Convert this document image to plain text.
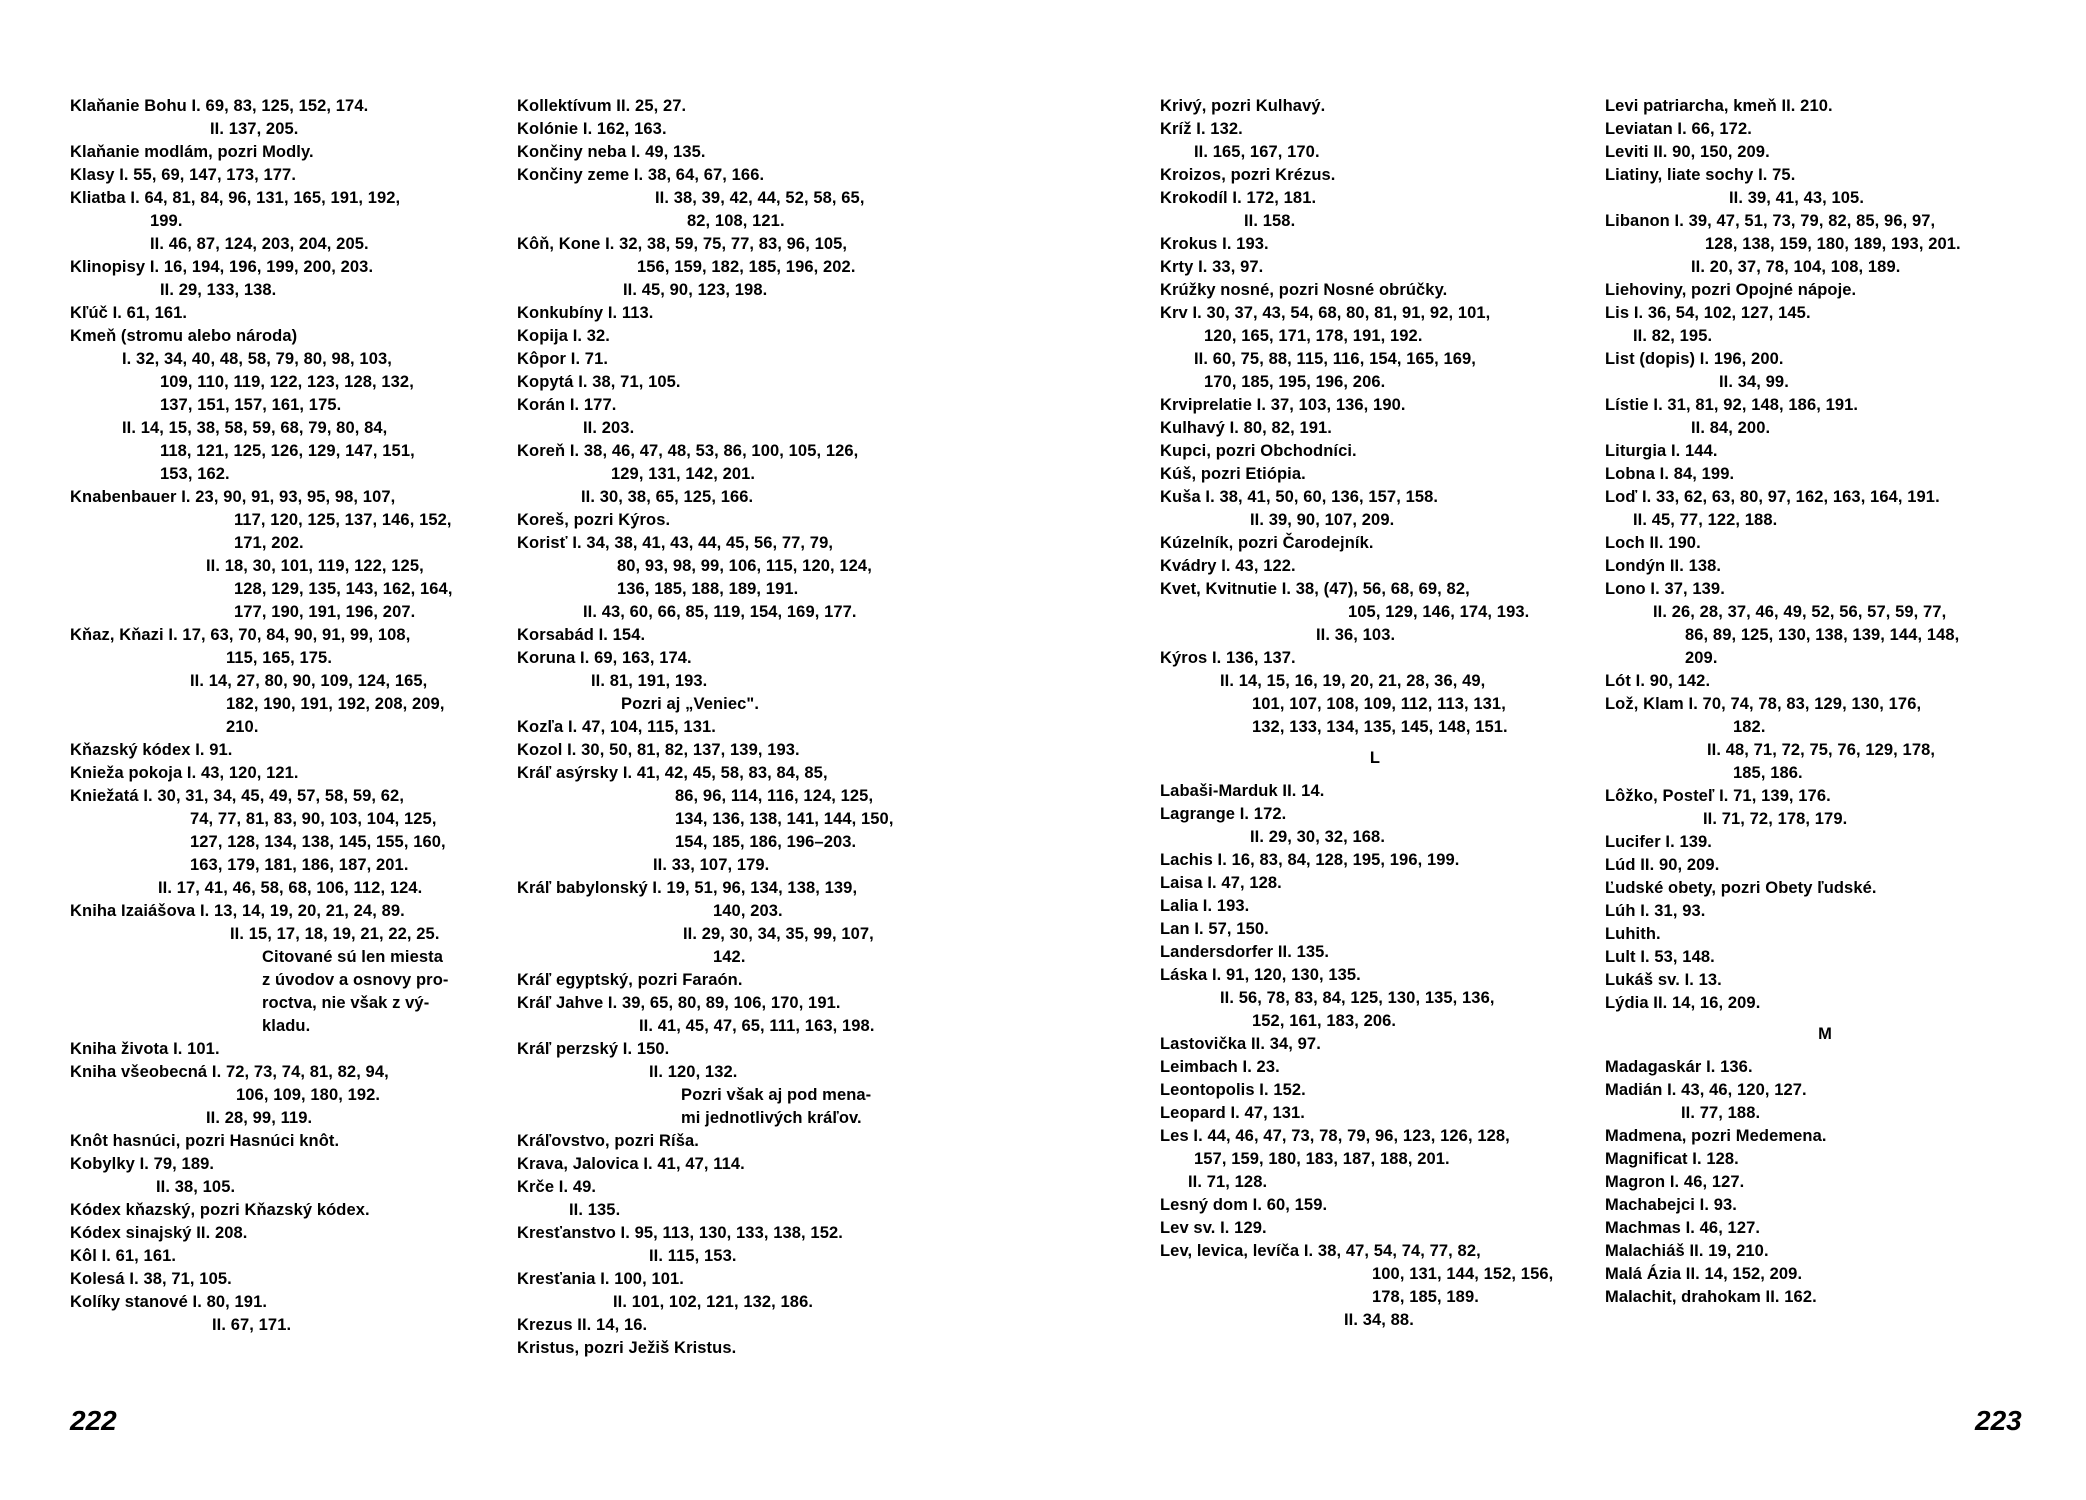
Klaňanie Bohu I. 69, 83, 125, 152, 174.
II. 137, 205.
Klaňanie modlám, pozri Modly.
Klasy I. 55, 69, 147, 173, 177.
Kliatba I. 64, 81, 84, 96, 131, 165, 191, 192,
199.
II. 46, 87, 124, 203, 204, 205.
Klinopisy I. 16, 194, 196, 199, 200, 203.
II. 29, 133, 138.
Kľúč I. 61, 161.
Kmeň (stromu alebo národa)
I. 32, 34, 40, 48, 58, 79, 80, 98, 103,
109, 110, 119, 122, 123, 128, 132,
137, 151, 157, 161, 175.
II. 14, 15, 38, 58, 59, 68, 79, 80, 84,
118, 121, 125, 126, 129, 147, 151,
153, 162.
Knabenbauer I. 23, 90, 91, 93, 95, 98, 107,
117, 120, 125, 137, 146, 152,
171, 202.
II. 18, 30, 101, 119, 122, 125,
128, 129, 135, 143, 162, 164,
177, 190, 191, 196, 207.
Kňaz, Kňazi I. 17, 63, 70, 84, 90, 91, 99, 108,
115, 165, 175.
II. 14, 27, 80, 90, 109, 124, 165,
182, 190, 191, 192, 208, 209,
210.
Kňazský kódex I. 91.
Knieža pokoja I. 43, 120, 121.
Kniežatá I. 30, 31, 34, 45, 49, 57, 58, 59, 62,
74, 77, 81, 83, 90, 103, 104, 125,
127, 128, 134, 138, 145, 155, 160,
163, 179, 181, 186, 187, 201.
II. 17, 41, 46, 58, 68, 106, 112, 124.
Kniha Izaiášova I. 13, 14, 19, 20, 21, 24, 89.
II. 15, 17, 18, 19, 21, 22, 25.
Citované sú len miesta
z úvodov a osnovy pro-
roctva, nie však z vý-
kladu.
Kniha života I. 101.
Kniha všeobecná I. 72, 73, 74, 81, 82, 94,
106, 109, 180, 192.
II. 28, 99, 119.
Knôt hasnúci, pozri Hasnúci knôt.
Kobylky I. 79, 189.
II. 38, 105.
Kódex kňazský, pozri Kňazský kódex.
Kódex sinajský II. 208.
Kôl I. 61, 161.
Kolesá I. 38, 71, 105.
Kolíky stanové I. 80, 191.
II. 67, 171.
Kollektívum II. 25, 27.
Kolónie I. 162, 163.
Končiny neba I. 49, 135.
Končiny zeme I. 38, 64, 67, 166.
II. 38, 39, 42, 44, 52, 58, 65,
82, 108, 121.
Kôň, Kone I. 32, 38, 59, 75, 77, 83, 96, 105,
156, 159, 182, 185, 196, 202.
II. 45, 90, 123, 198.
Konkubíny I. 113.
Kopija I. 32.
Kôpor I. 71.
Kopytá I. 38, 71, 105.
Korán I. 177.
II. 203.
Koreň I. 38, 46, 47, 48, 53, 86, 100, 105, 126,
129, 131, 142, 201.
II. 30, 38, 65, 125, 166.
Koreš, pozri Kýros.
Korisť I. 34, 38, 41, 43, 44, 45, 56, 77, 79,
80, 93, 98, 99, 106, 115, 120, 124,
136, 185, 188, 189, 191.
II. 43, 60, 66, 85, 119, 154, 169, 177.
Korsabád I. 154.
Koruna I. 69, 163, 174.
II. 81, 191, 193.
Pozri aj „Veniec".
Kozľa I. 47, 104, 115, 131.
Kozol I. 30, 50, 81, 82, 137, 139, 193.
Kráľ asýrsky I. 41, 42, 45, 58, 83, 84, 85,
86, 96, 114, 116, 124, 125,
134, 136, 138, 141, 144, 150,
154, 185, 186, 196–203.
II. 33, 107, 179.
Kráľ babylonský I. 19, 51, 96, 134, 138, 139,
140, 203.
II. 29, 30, 34, 35, 99, 107,
142.
Kráľ egyptský, pozri Faraón.
Kráľ Jahve I. 39, 65, 80, 89, 106, 170, 191.
II. 41, 45, 47, 65, 111, 163, 198.
Kráľ perzský I. 150.
II. 120, 132.
Pozri však aj pod mena-
mi jednotlivých kráľov.
Kráľovstvo, pozri Ríša.
Krava, Jalovica I. 41, 47, 114.
Krče I. 49.
II. 135.
Kresťanstvo I. 95, 113, 130, 133, 138, 152.
II. 115, 153.
Kresťania I. 100, 101.
II. 101, 102, 121, 132, 186.
Krezus II. 14, 16.
Kristus, pozri Ježiš Kristus.
222
Krivý, pozri Kulhavý.
Kríž I. 132.
II. 165, 167, 170.
Kroizos, pozri Krézus.
Krokodíl I. 172, 181.
II. 158.
Krokus I. 193.
Krty I. 33, 97.
Krúžky nosné, pozri Nosné obrúčky.
Krv I. 30, 37, 43, 54, 68, 80, 81, 91, 92, 101,
120, 165, 171, 178, 191, 192.
II. 60, 75, 88, 115, 116, 154, 165, 169,
170, 185, 195, 196, 206.
Krviprelatie I. 37, 103, 136, 190.
Kulhavý I. 80, 82, 191.
Kupci, pozri Obchodníci.
Kúš, pozri Etiópia.
Kuša I. 38, 41, 50, 60, 136, 157, 158.
II. 39, 90, 107, 209.
Kúzelník, pozri Čarodejník.
Kvádry I. 43, 122.
Kvet, Kvitnutie I. 38, (47), 56, 68, 69, 82,
105, 129, 146, 174, 193.
II. 36, 103.
Kýros I. 136, 137.
II. 14, 15, 16, 19, 20, 21, 28, 36, 49,
101, 107, 108, 109, 112, 113, 131,
132, 133, 134, 135, 145, 148, 151.
L
Labaši-Marduk II. 14.
Lagrange I. 172.
II. 29, 30, 32, 168.
Lachis I. 16, 83, 84, 128, 195, 196, 199.
Laisa I. 47, 128.
Lalia I. 193.
Lan I. 57, 150.
Landersdorfer II. 135.
Láska I. 91, 120, 130, 135.
II. 56, 78, 83, 84, 125, 130, 135, 136,
152, 161, 183, 206.
Lastovička II. 34, 97.
Leimbach I. 23.
Leontopolis I. 152.
Leopard I. 47, 131.
Les I. 44, 46, 47, 73, 78, 79, 96, 123, 126, 128,
157, 159, 180, 183, 187, 188, 201.
II. 71, 128.
Lesný dom I. 60, 159.
Lev sv. I. 129.
Lev, levica, levíča I. 38, 47, 54, 74, 77, 82,
100, 131, 144, 152, 156,
178, 185, 189.
II. 34, 88.
Levi patriarcha, kmeň II. 210.
Leviatan I. 66, 172.
Leviti II. 90, 150, 209.
Liatiny, liate sochy I. 75.
II. 39, 41, 43, 105.
Libanon I. 39, 47, 51, 73, 79, 82, 85, 96, 97,
128, 138, 159, 180, 189, 193, 201.
II. 20, 37, 78, 104, 108, 189.
Liehoviny, pozri Opojné nápoje.
Lis I. 36, 54, 102, 127, 145.
II. 82, 195.
List (dopis) I. 196, 200.
II. 34, 99.
Lístie I. 31, 81, 92, 148, 186, 191.
II. 84, 200.
Liturgia I. 144.
Lobna I. 84, 199.
Loď I. 33, 62, 63, 80, 97, 162, 163, 164, 191.
II. 45, 77, 122, 188.
Loch II. 190.
Londýn II. 138.
Lono I. 37, 139.
II. 26, 28, 37, 46, 49, 52, 56, 57, 59, 77,
86, 89, 125, 130, 138, 139, 144, 148,
209.
Lót I. 90, 142.
Lož, Klam I. 70, 74, 78, 83, 129, 130, 176,
182.
II. 48, 71, 72, 75, 76, 129, 178,
185, 186.
Lôžko, Posteľ I. 71, 139, 176.
II. 71, 72, 178, 179.
Lucifer I. 139.
Lúd II. 90, 209.
Ľudské obety, pozri Obety ľudské.
Lúh I. 31, 93.
Luhith.
Lult I. 53, 148.
Lukáš sv. I. 13.
Lýdia II. 14, 16, 209.
M
Madagaskár I. 136.
Madián I. 43, 46, 120, 127.
II. 77, 188.
Madmena, pozri Medemena.
Magnificat I. 128.
Magron I. 46, 127.
Machabejci I. 93.
Machmas I. 46, 127.
Malachiáš II. 19, 210.
Malá Ázia II. 14, 152, 209.
Malachit, drahokam II. 162.
223
